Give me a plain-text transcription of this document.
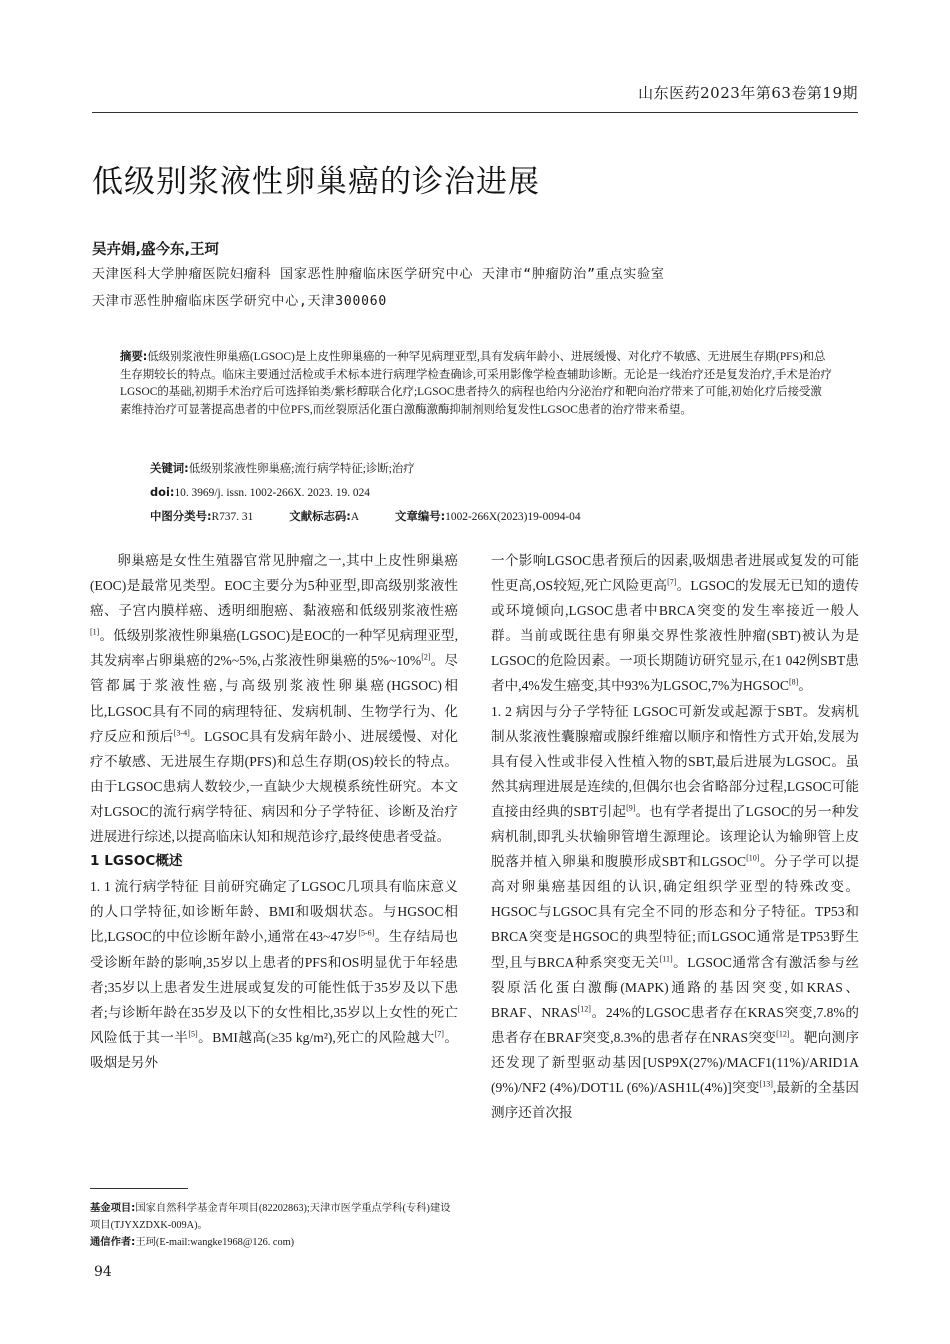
山东医药2023年第63卷第19期
低级别浆液性卵巢癌的诊治进展
吴卉娟,盛今东,王珂
天津医科大学肿瘤医院妇瘤科 国家恶性肿瘤临床医学研究中心 天津市“肿瘤防治”重点实验室
天津市恶性肿瘤临床医学研究中心,天津300060
摘要:低级别浆液性卵巢癌(LGSOC)是上皮性卵巢癌的一种罕见病理亚型,具有发病年龄小、进展缓慢、对化疗不敏感、无进展生存期(PFS)和总生存期较长的特点。临床主要通过活检或手术标本进行病理学检查确诊,可采用影像学检查辅助诊断。无论是一线治疗还是复发治疗,手术是治疗LGSOC的基础,初期手术治疗后可选择铂类/紫杉醇联合化疗;LGSOC患者持久的病程也给内分泌治疗和靶向治疗带来了可能,初始化疗后接受激素维持治疗可显著提高患者的中位PFS,而丝裂原活化蛋白激酶激酶抑制剂则给复发性LGSOC患者的治疗带来希望。
关键词:低级别浆液性卵巢癌;流行病学特征;诊断;治疗
doi:10. 3969/j. issn. 1002-266X. 2023. 19. 024
中图分类号:R737. 31	文献标志码:A	文章编号:1002-266X(2023)19-0094-04

卵巢癌是女性生殖器官常见肿瘤之一,其中上皮性卵巢癌(EOC)是最常见类型。EOC主要分为5种亚型,即高级别浆液性癌、子宫内膜样癌、透明细胞癌、黏液癌和低级别浆液性癌[1]。低级别浆液性卵巢癌(LGSOC)是EOC的一种罕见病理亚型,其发病率占卵巢癌的2%~5%,占浆液性卵巢癌的5%~10%[2]。尽管都属于浆液性癌,与高级别浆液性卵巢癌(HGSOC)相比,LGSOC具有不同的病理特征、发病机制、生物学行为、化疗反应和预后[3-4]。LGSOC具有发病年龄小、进展缓慢、对化疗不敏感、无进展生存期(PFS)和总生存期(OS)较长的特点。由于LGSOC患病人数较少,一直缺少大规模系统性研究。本文对LGSOC的流行病学特征、病因和分子学特征、诊断及治疗进展进行综述,以提高临床认知和规范诊疗,最终使患者受益。

1 LGSOC概述

1. 1 流行病学特征 目前研究确定了LGSOC几项具有临床意义的人口学特征,如诊断年龄、BMI和吸烟状态。与HGSOC相比,LGSOC的中位诊断年龄小,通常在43~47岁[5-6]。生存结局也受诊断年龄的影响,35岁以上患者的PFS和OS明显优于年轻患者;35岁以上患者发生进展或复发的可能性低于35岁及以下患者;与诊断年龄在35岁及以下的女性相比,35岁以上女性的死亡风险低于其一半[5]。BMI越高(≥35 kg/m²),死亡的风险越大[7]。吸烟是另外

一个影响LGSOC患者预后的因素,吸烟患者进展或复发的可能性更高,OS较短,死亡风险更高[7]。LGSOC的发展无已知的遗传或环境倾向,LGSOC患者中BRCA突变的发生率接近一般人群。当前或既往患有卵巢交界性浆液性肿瘤(SBT)被认为是LGSOC的危险因素。一项长期随访研究显示,在1 042例SBT患者中,4%发生癌变,其中93%为LGSOC,7%为HGSOC[8]。

1. 2 病因与分子学特征 LGSOC可新发或起源于SBT。发病机制从浆液性囊腺瘤或腺纤维瘤以顺序和惰性方式开始,发展为具有侵入性或非侵入性植入物的SBT,最后进展为LGSOC。虽然其病理进展是连续的,但偶尔也会省略部分过程,LGSOC可能直接由经典的SBT引起[9]。也有学者提出了LGSOC的另一种发病机制,即乳头状输卵管增生源理论。该理论认为输卵管上皮脱落并植入卵巢和腹膜形成SBT和LGSOC[10]。分子学可以提高对卵巢癌基因组的认识,确定组织学亚型的特殊改变。HGSOC与LGSOC具有完全不同的形态和分子特征。TP53和BRCA突变是HGSOC的典型特征;而LGSOC通常是TP53野生型,且与BRCA种系突变无关[11]。LGSOC通常含有激活参与丝裂原活化蛋白激酶(MAPK)通路的基因突变,如KRAS、BRAF、NRAS[12]。24%的LGSOC患者存在KRAS突变,7.8%的患者存在BRAF突变,8.3%的患者存在NRAS突变[12]。靶向测序还发现了新型驱动基因[USP9X(27%)/MACF1(11%)/ARID1A (9%)/NF2 (4%)/DOT1L (6%)/ASH1L(4%)]突变[13],最新的全基因测序还首次报

基金项目:国家自然科学基金青年项目(82202863);天津市医学重点学科(专科)建设项目(TJYXZDXK-009A)。

通信作者:王珂(E-mail:wangke1968@126. com)

94
